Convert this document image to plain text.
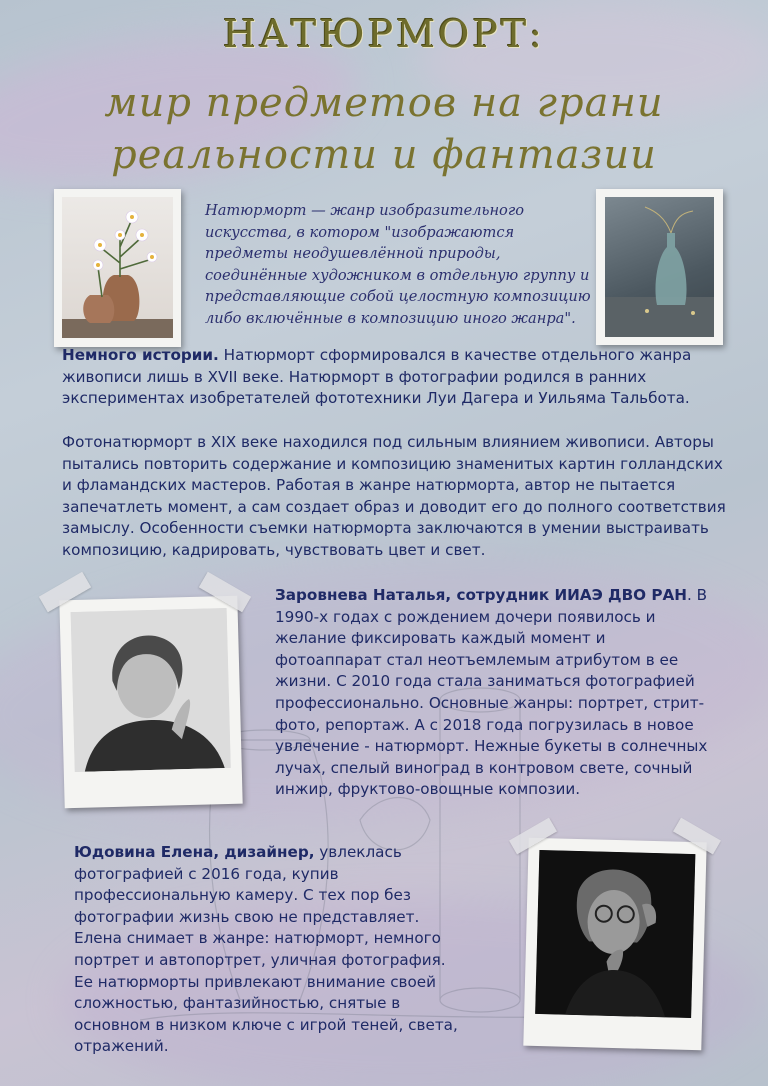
НАТЮРМОРТ:
мир предметов на грани
реальности и фантазии
Натюрморт — жанр изобразительного искусства, в котором "изображаются предметы неодушевлённой природы, соединённые художником в отдельную группу и представляющие собой целостную композицию либо включённые в композицию иного жанра".
Немного истории. Натюрморт сформировался в качестве отдельного жанра живописи лишь в XVII веке. Натюрморт в фотографии родился в ранних экспериментах изобретателей фототехники Луи Дагера и Уильяма Тальбота.
Фотонатюрморт в XIX веке находился под сильным влиянием живописи. Авторы пытались повторить содержание и композицию знаменитых картин голландских и фламандских мастеров. Работая в жанре натюрморта, автор не пытается запечатлеть момент, а сам создает образ и доводит его до полного соответствия замыслу. Особенности съемки натюрморта заключаются в умении выстраивать композицию, кадрировать, чувствовать цвет и свет.
Заровнева Наталья, сотрудник ИИАЭ ДВО РАН. В 1990-х годах с рождением дочери появилось и желание фиксировать каждый момент и фотоаппарат стал неотъемлемым атрибутом в ее жизни. С 2010 года стала заниматься фотографией профессионально. Основные жанры: портрет, стрит-фото, репортаж. А с 2018 года погрузилась в новое увлечение - натюрморт. Нежные букеты в солнечных лучах, спелый виноград в контровом свете, сочный инжир, фруктово-овощные композии.
Юдовина Елена, дизайнер, увлеклась фотографией с 2016 года, купив профессиональную камеру. С тех пор без фотографии жизнь свою не представляет. Елена снимает в жанре: натюрморт, немного портрет и автопортрет, уличная фотография. Ее натюрморты привлекают внимание своей сложностью, фантазийностью, снятые в основном в низком ключе с игрой теней, света, отражений.
